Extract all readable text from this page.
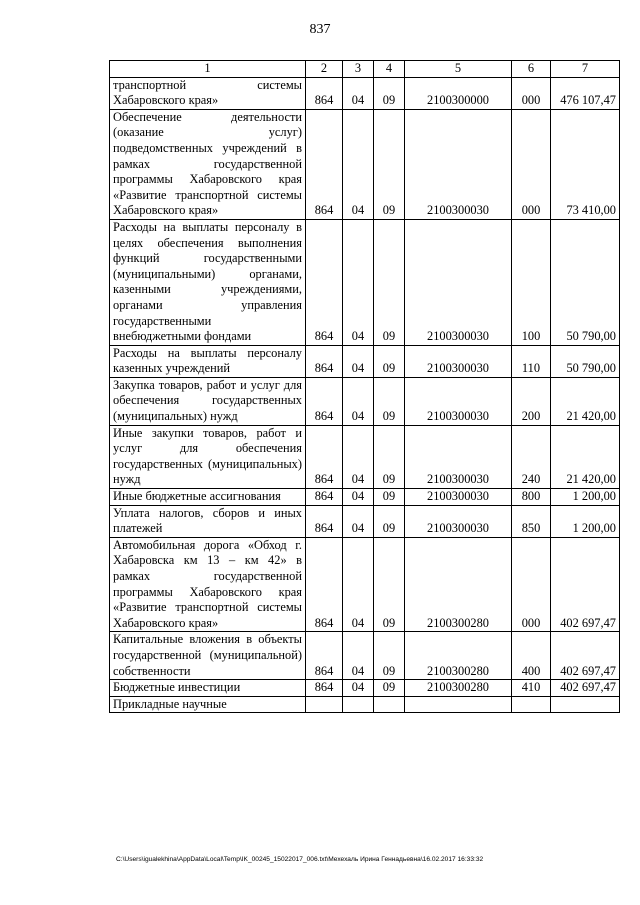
837
1	2	3	4	5	6	7
транспортной системы Хабаровского края»	864	04	09	2100300000	000	476 107,47
Обеспечение деятельности (оказание услуг) подведомственных учреждений в рамках государственной программы Хабаровского края «Развитие транспортной системы Хабаровского края»	864	04	09	2100300030	000	73 410,00
Расходы на выплаты персоналу в целях обеспечения выполнения функций государственными (муниципальными) органами, казенными учреждениями, органами управления государственными внебюджетными фондами	864	04	09	2100300030	100	50 790,00
Расходы на выплаты персоналу казенных учреждений	864	04	09	2100300030	110	50 790,00
Закупка товаров, работ и услуг для обеспечения государственных (муниципальных) нужд	864	04	09	2100300030	200	21 420,00
Иные закупки товаров, работ и услуг для обеспечения государственных (муниципальных) нужд	864	04	09	2100300030	240	21 420,00
Иные бюджетные ассигнования	864	04	09	2100300030	800	1 200,00
Уплата налогов, сборов и иных платежей	864	04	09	2100300030	850	1 200,00
Автомобильная дорога «Обход г. Хабаровска км 13 – км 42» в рамках государственной программы Хабаровского края «Развитие транспортной системы Хабаровского края»	864	04	09	2100300280	000	402 697,47
Капитальные вложения в объекты государственной (муниципальной) собственности	864	04	09	2100300280	400	402 697,47
Бюджетные инвестиции	864	04	09	2100300280	410	402 697,47
Прикладные научные						
C:\Users\igualekhina\AppData\Local\Temp\IK_00245_15022017_006.txt\Мехехаль Ирина Геннадьевна\16.02.2017 16:33:32
